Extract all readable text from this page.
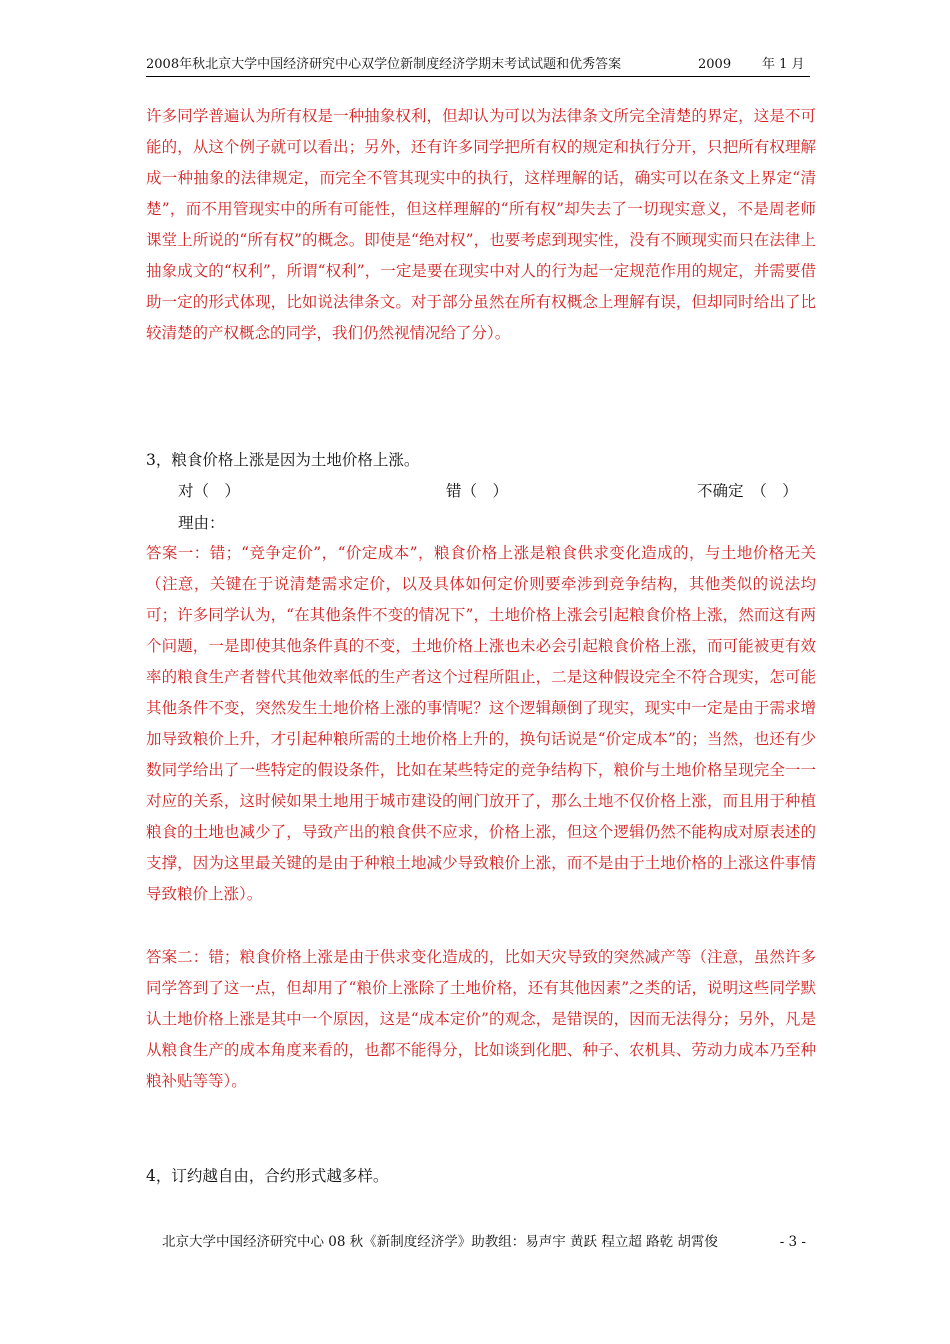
2008年秋北京大学中国经济研究中心双学位新制度经济学期末考试试题和优秀答案	2009 年 1 月

许多同学普遍认为所有权是一种抽象权利，但却认为可以为法律条文所完全清楚的界定，这是不可能的，从这个例子就可以看出；另外，还有许多同学把所有权的规定和执行分开，只把所有权理解成一种抽象的法律规定，而完全不管其现实中的执行，这样理解的话，确实可以在条文上界定“清楚”，而不用管现实中的所有可能性，但这样理解的“所有权”却失去了一切现实意义，不是周老师课堂上所说的“所有权”的概念。即使是“绝对权”，也要考虑到现实性，没有不顾现实而只在法律上抽象成文的“权利”，所谓“权利”，一定是要在现实中对人的行为起一定规范作用的规定，并需要借助一定的形式体现，比如说法律条文。对于部分虽然在所有权概念上理解有误，但却同时给出了比较清楚的产权概念的同学，我们仍然视情况给了分）。

3，粮食价格上涨是因为土地价格上涨。

对（　）	错（　）	不确定　（　）
理由：

答案一：错；“竞争定价”，“价定成本”，粮食价格上涨是粮食供求变化造成的，与土地价格无关（注意，关键在于说清楚需求定价，以及具体如何定价则要牵涉到竞争结构，其他类似的说法均可；许多同学认为，“在其他条件不变的情况下”，土地价格上涨会引起粮食价格上涨，然而这有两个问题，一是即使其他条件真的不变，土地价格上涨也未必会引起粮食价格上涨，而可能被更有效率的粮食生产者替代其他效率低的生产者这个过程所阻止，二是这种假设完全不符合现实，怎可能其他条件不变，突然发生土地价格上涨的事情呢？这个逻辑颠倒了现实，现实中一定是由于需求增加导致粮价上升，才引起种粮所需的土地价格上升的，换句话说是“价定成本”的；当然，也还有少数同学给出了一些特定的假设条件，比如在某些特定的竞争结构下，粮价与土地价格呈现完全一一对应的关系，这时候如果土地用于城市建设的闸门放开了，那么土地不仅价格上涨，而且用于种植粮食的土地也减少了，导致产出的粮食供不应求，价格上涨，但这个逻辑仍然不能构成对原表述的支撑，因为这里最关键的是由于种粮土地减少导致粮价上涨，而不是由于土地价格的上涨这件事情导致粮价上涨）。

答案二：错；粮食价格上涨是由于供求变化造成的，比如天灾导致的突然减产等（注意，虽然许多同学答到了这一点，但却用了“粮价上涨除了土地价格，还有其他因素”之类的话，说明这些同学默认土地价格上涨是其中一个原因，这是“成本定价”的观念，是错误的，因而无法得分；另外，凡是从粮食生产的成本角度来看的，也都不能得分，比如谈到化肥、种子、农机具、劳动力成本乃至种粮补贴等等）。

4，订约越自由，合约形式越多样。

北京大学中国经济研究中心 08 秋《新制度经济学》助教组：易声宇 黄跃 程立超 路乾 胡霄俊	- 3 -
